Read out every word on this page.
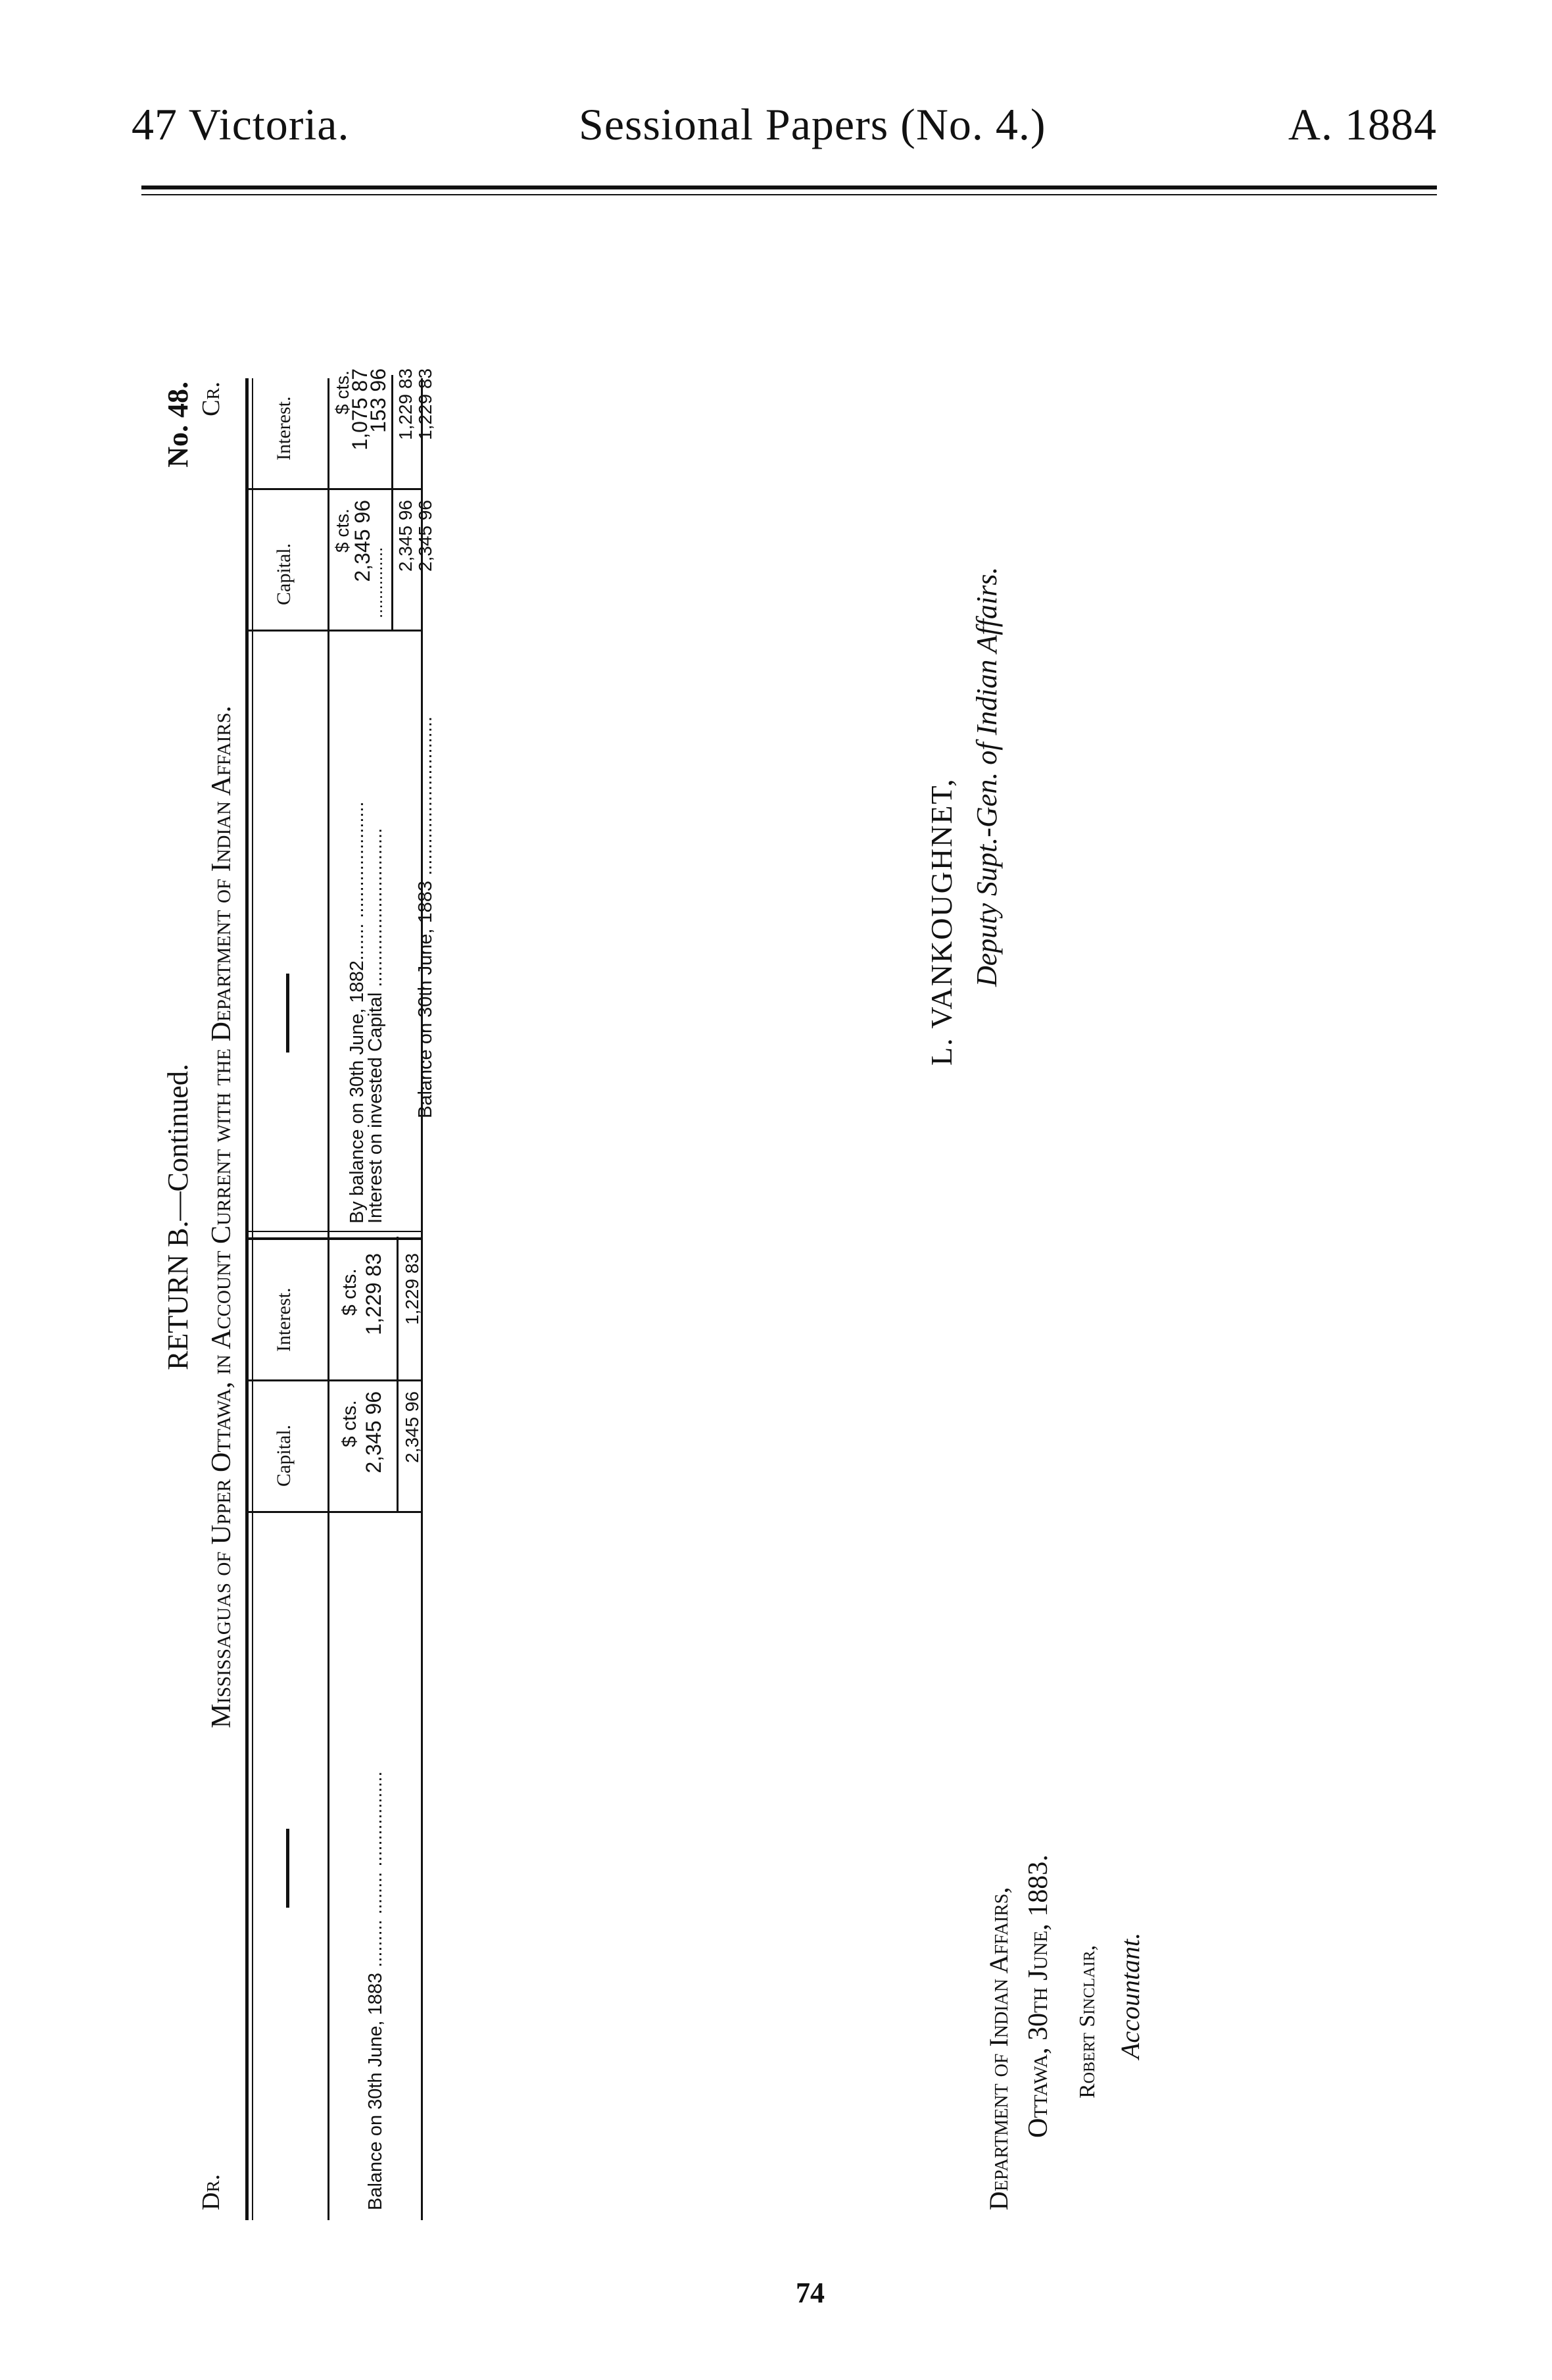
47 Victoria.	Sessional Papers (No. 4.)	A. 1884
RETURN B.—Continued. Mississaguas of Upper Ottawa, in Account Current with the Department of Indian Affairs.
Dr.
Cr.
No. 48.
Capital.
Interest.
Capital.
Interest.
Balance on 30th June, 1883 ......... ........ ..................
$ cts. 2,345 96
$ cts. 1,229 83
2,345 96
1,229 83
By balance on 30th June, 1882....... ......................
Interest on invested Capital ..............................
$ cts.
2,345 96
...............
$ cts.
1,075 87
153 96
2,345 96
1,229 83
Balance on 30th June, 1883 ..............................
2,345 96
1,229 83
L. VANKOUGHNET, Deputy Supt.-Gen. of Indian Affairs.
Department of Indian Affairs, Ottawa, 30th June, 1883. Robert Sinclair, Accountant.
74
